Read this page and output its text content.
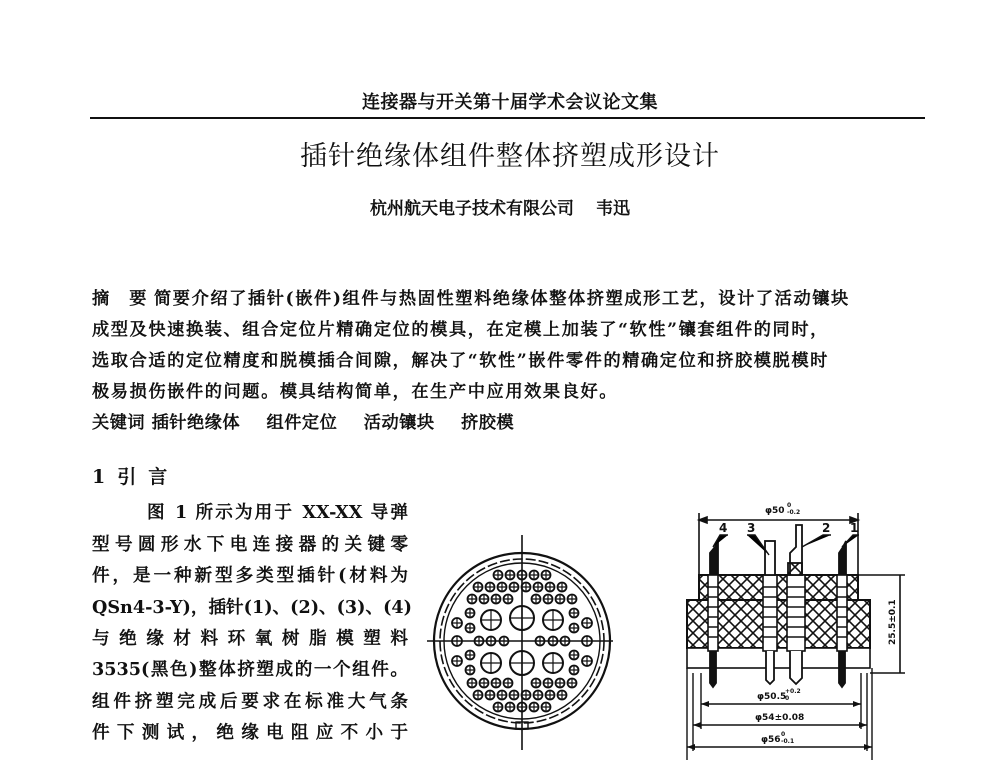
连接器与开关第十届学术会议论文集
插针绝缘体组件整体挤塑成形设计
杭州航天电子技术有限公司 韦迅
摘 要 简要介绍了插针(嵌件)组件与热固性塑料绝缘体整体挤塑成形工艺，设计了活动镶块
成型及快速换装、组合定位片精确定位的模具，在定模上加装了“软性”镶套组件的同时，
选取合适的定位精度和脱模插合间隙，解决了“软性”嵌件零件的精确定位和挤胶模脱模时
极易损伤嵌件的问题。模具结构简单，在生产中应用效果良好。
关键词 插针绝缘体 组件定位 活动镶块 挤胶模
1 引 言
图 1 所示为用于 XX-XX 导弹
型号圆形水下电连接器的关键零
件，是一种新型多类型插针(材料为
QSn4-3-Y)，插针(1)、(2)、(3)、(4)
与绝缘材料环氧树脂模塑料
3535(黑色)整体挤塑成的一个组件。
组件挤塑完成后要求在标准大气条
件下测试，绝缘电阻应不小于
4 3	2 1
φ50
0
-0.2
φ50.5
+0.2
0
φ54±0.08
φ56
0
-0.1
25.5±0.1
